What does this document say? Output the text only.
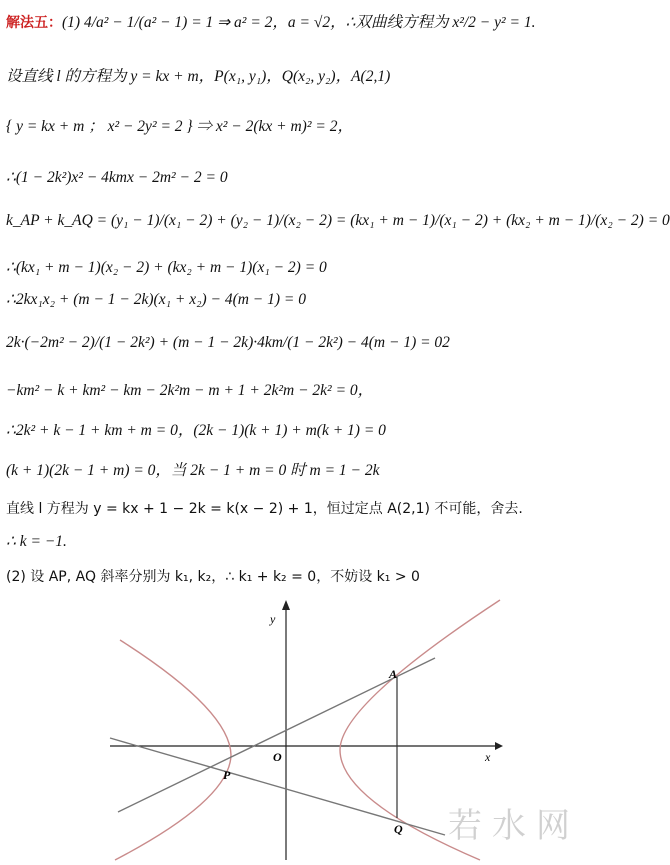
解法五：(1) 4/a² − 1/(a² − 1) = 1 ⇒ a² = 2，a = √2，∴双曲线方程为 x²/2 − y² = 1.
设直线 l 的方程为 y = kx + m，P(x₁, y₁)，Q(x₂, y₂)，A(2,1)
{ y = kx + m ； x² − 2y² = 2 } ⇒ x² − 2(kx + m)² = 2，
∴(1 − 2k²)x² − 4kmx − 2m² − 2 = 0
k_AP + k_AQ = (y₁ − 1)/(x₁ − 2) + (y₂ − 1)/(x₂ − 2) = (kx₁ + m − 1)/(x₁ − 2) + (kx₂ + m − 1)/(x₂ − 2) = 0
∴(kx₁ + m − 1)(x₂ − 2) + (kx₂ + m − 1)(x₁ − 2) = 0
∴2kx₁x₂ + (m − 1 − 2k)(x₁ + x₂) − 4(m − 1) = 0
2k·(−2m² − 2)/(1 − 2k²) + (m − 1 − 2k)·4km/(1 − 2k²) − 4(m − 1) = 02
−km² − k + km² − km − 2k²m − m + 1 + 2k²m − 2k² = 0，
∴2k² + k − 1 + km + m = 0，(2k − 1)(k + 1) + m(k + 1) = 0
(k + 1)(2k − 1 + m) = 0，当 2k − 1 + m = 0 时 m = 1 − 2k
直线 l 方程为 y = kx + 1 − 2k = k(x − 2) + 1，恒过定点 A(2,1) 不可能，舍去.
∴ k = −1.
(2) 设 AP, AQ 斜率分别为 k₁, k₂，∴ k₁ + k₂ = 0，不妨设 k₁ > 0
y
x
O
A
P
Q 若水网
